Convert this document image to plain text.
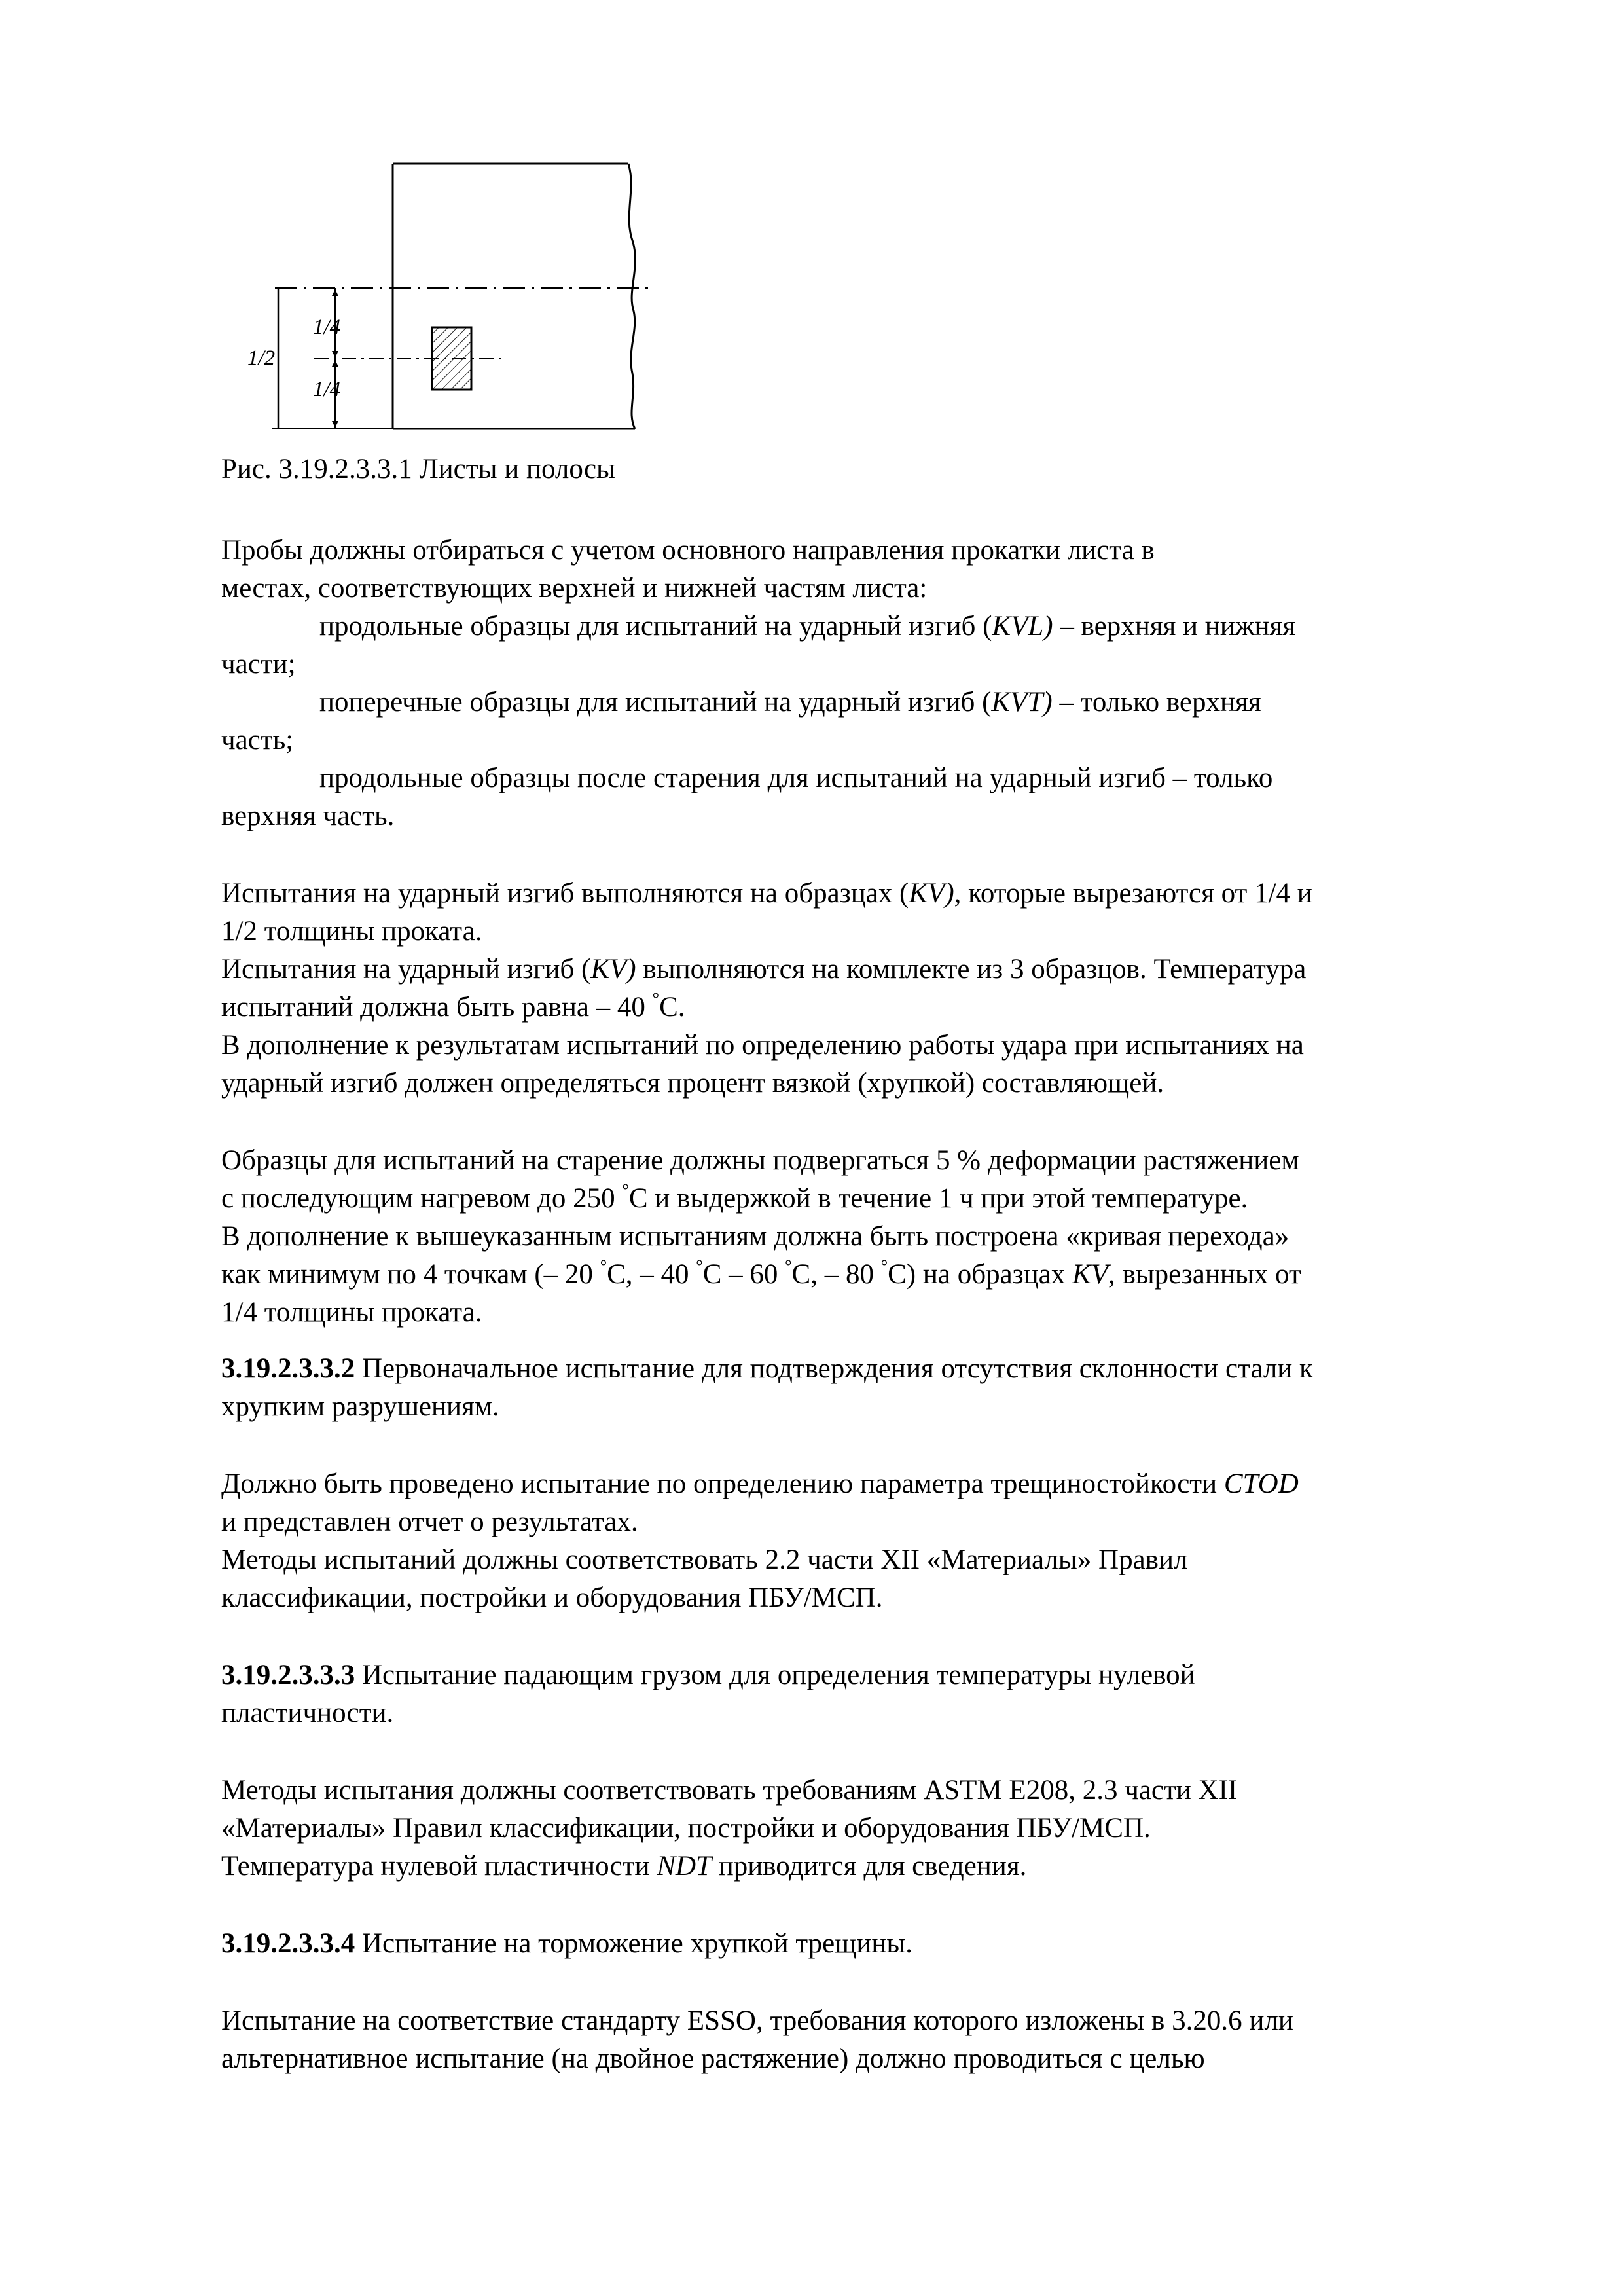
1/2
1/4
1/4
Рис. 3.19.2.3.3.1 Листы и полосы
Пробы должны отбираться с учетом основного направления прокатки листа в
местах, соответствующих верхней и нижней частям листа:
продольные образцы для испытаний на ударный изгиб (KVL) – верхняя и нижняя
части;
поперечные образцы для испытаний на ударный изгиб (KVT) – только верхняя
часть;
продольные образцы после старения для испытаний на ударный изгиб – только
верхняя часть.
Испытания на ударный изгиб выполняются на образцах (KV), которые вырезаются от 1/4 и
1/2 толщины проката.
Испытания на ударный изгиб (KV) выполняются на комплекте из 3 образцов. Температура
испытаний должна быть равна – 40 °С.
В дополнение к результатам испытаний по определению работы удара при испытаниях на
ударный изгиб должен определяться процент вязкой (хрупкой) составляющей.
Образцы для испытаний на старение должны подвергаться 5 % деформации растяжением
с последующим нагревом до 250 °С и выдержкой в течение 1 ч при этой температуре.
В дополнение к вышеуказанным испытаниям должна быть построена «кривая перехода»
как минимум по 4 точкам (– 20 °С, – 40 °С – 60 °С, – 80 °С) на образцах KV, вырезанных от
1/4 толщины проката.
3.19.2.3.3.2 Первоначальное испытание для подтверждения отсутствия склонности стали к
хрупким разрушениям.
Должно быть проведено испытание по определению параметра трещиностойкости CTOD
и представлен отчет о результатах.
Методы испытаний должны соответствовать 2.2 части XII «Материалы» Правил
классификации, постройки и оборудования ПБУ/МСП.
3.19.2.3.3.3 Испытание падающим грузом для определения температуры нулевой
пластичности.
Методы испытания должны соответствовать требованиям ASTM E208, 2.3 части XII
«Материалы» Правил классификации, постройки и оборудования ПБУ/МСП.
Температура нулевой пластичности NDT приводится для сведения.
3.19.2.3.3.4 Испытание на торможение хрупкой трещины.
Испытание на соответствие стандарту ESSO, требования которого изложены в 3.20.6 или
альтернативное испытание (на двойное растяжение) должно проводиться с целью
